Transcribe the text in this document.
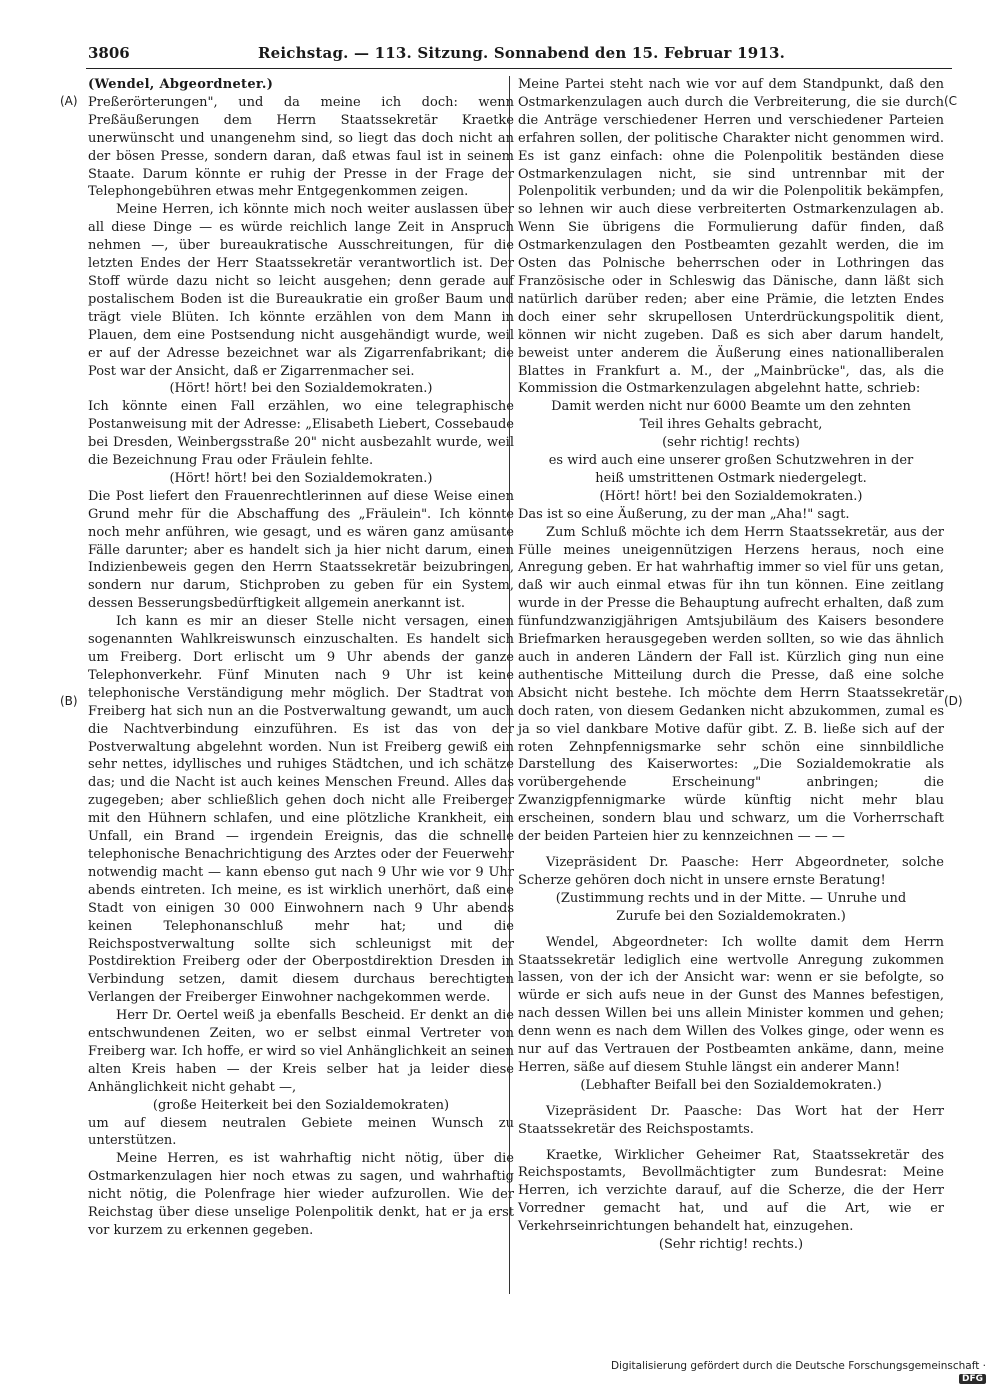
3806	Reichstag. — 113. Sitzung. Sonnabend den 15. Februar 1913.
(A)
(B)
(C
(D)

(Wendel, Abgeordneter.)

Preßerörterungen", und da meine ich doch: wenn Preßäußerungen dem Herrn Staatssekretär Kraetke unerwünscht und unangenehm sind, so liegt das doch nicht an der bösen Presse, sondern daran, daß etwas faul ist in seinem Staate. Darum könnte er ruhig der Presse in der Frage der Telephongebühren etwas mehr Entgegenkommen zeigen.

Meine Herren, ich könnte mich noch weiter auslassen über all diese Dinge — es würde reichlich lange Zeit in Anspruch nehmen —, über bureaukratische Ausschreitungen, für die letzten Endes der Herr Staatssekretär verantwortlich ist. Der Stoff würde dazu nicht so leicht ausgehen; denn gerade auf postalischem Boden ist die Bureaukratie ein großer Baum und trägt viele Blüten. Ich könnte erzählen von dem Mann in Plauen, dem eine Postsendung nicht ausgehändigt wurde, weil er auf der Adresse bezeichnet war als Zigarrenfabrikant; die Post war der Ansicht, daß er Zigarrenmacher sei.

(Hört! hört! bei den Sozialdemokraten.)

Ich könnte einen Fall erzählen, wo eine telegraphische Postanweisung mit der Adresse: „Elisabeth Liebert, Cossebaude bei Dresden, Weinbergsstraße 20" nicht ausbezahlt wurde, weil die Bezeichnung Frau oder Fräulein fehlte.

(Hört! hört! bei den Sozialdemokraten.)

Die Post liefert den Frauenrechtlerinnen auf diese Weise einen Grund mehr für die Abschaffung des „Fräulein". Ich könnte noch mehr anführen, wie gesagt, und es wären ganz amüsante Fälle darunter; aber es handelt sich ja hier nicht darum, einen Indizienbeweis gegen den Herrn Staatssekretär beizubringen, sondern nur darum, Stichproben zu geben für ein System, dessen Besserungsbedürftigkeit allgemein anerkannt ist.

Ich kann es mir an dieser Stelle nicht versagen, einen sogenannten Wahlkreiswunsch einzuschalten. Es handelt sich um Freiberg. Dort erlischt um 9 Uhr abends der ganze Telephonverkehr. Fünf Minuten nach 9 Uhr ist keine telephonische Verständigung mehr möglich. Der Stadtrat von Freiberg hat sich nun an die Postverwaltung gewandt, um auch die Nachtverbindung einzuführen. Es ist das von der Postverwaltung abgelehnt worden. Nun ist Freiberg gewiß ein sehr nettes, idyllisches und ruhiges Städtchen, und ich schätze das; und die Nacht ist auch keines Menschen Freund. Alles das zugegeben; aber schließlich gehen doch nicht alle Freiberger mit den Hühnern schlafen, und eine plötzliche Krankheit, ein Unfall, ein Brand — irgendein Ereignis, das die schnelle telephonische Benachrichtigung des Arztes oder der Feuerwehr notwendig macht — kann ebenso gut nach 9 Uhr wie vor 9 Uhr abends eintreten. Ich meine, es ist wirklich unerhört, daß eine Stadt von einigen 30 000 Einwohnern nach 9 Uhr abends keinen Telephonanschluß mehr hat; und die Reichspostverwaltung sollte sich schleunigst mit der Postdirektion Freiberg oder der Oberpostdirektion Dresden in Verbindung setzen, damit diesem durchaus berechtigten Verlangen der Freiberger Einwohner nachgekommen werde.

Herr Dr. Oertel weiß ja ebenfalls Bescheid. Er denkt an die entschwundenen Zeiten, wo er selbst einmal Vertreter von Freiberg war. Ich hoffe, er wird so viel Anhänglichkeit an seinen alten Kreis haben — der Kreis selber hat ja leider diese Anhänglichkeit nicht gehabt —,

(große Heiterkeit bei den Sozialdemokraten)

um auf diesem neutralen Gebiete meinen Wunsch zu unterstützen.

Meine Herren, es ist wahrhaftig nicht nötig, über die Ostmarkenzulagen hier noch etwas zu sagen, und wahrhaftig nicht nötig, die Polenfrage hier wieder aufzurollen. Wie der Reichstag über diese unselige Polenpolitik denkt, hat er ja erst vor kurzem zu erkennen gegeben.

Meine Partei steht nach wie vor auf dem Standpunkt, daß den Ostmarkenzulagen auch durch die Verbreiterung, die sie durch die Anträge verschiedener Herren und verschiedener Parteien erfahren sollen, der politische Charakter nicht genommen wird. Es ist ganz einfach: ohne die Polenpolitik beständen diese Ostmarkenzulagen nicht, sie sind untrennbar mit der Polenpolitik verbunden; und da wir die Polenpolitik bekämpfen, so lehnen wir auch diese verbreiterten Ostmarkenzulagen ab. Wenn Sie übrigens die Formulierung dafür finden, daß Ostmarkenzulagen den Postbeamten gezahlt werden, die im Osten das Polnische beherrschen oder in Lothringen das Französische oder in Schleswig das Dänische, dann läßt sich natürlich darüber reden; aber eine Prämie, die letzten Endes doch einer sehr skrupellosen Unterdrückungspolitik dient, können wir nicht zugeben. Daß es sich aber darum handelt, beweist unter anderem die Äußerung eines nationalliberalen Blattes in Frankfurt a. M., der „Mainbrücke", das, als die Kommission die Ostmarkenzulagen abgelehnt hatte, schrieb:

Damit werden nicht nur 6000 Beamte um den zehnten Teil ihres Gehalts gebracht,

(sehr richtig! rechts)

es wird auch eine unserer großen Schutzwehren in der heiß umstrittenen Ostmark niedergelegt.

(Hört! hört! bei den Sozialdemokraten.)

Das ist so eine Äußerung, zu der man „Aha!" sagt.

Zum Schluß möchte ich dem Herrn Staatssekretär, aus der Fülle meines uneigennützigen Herzens heraus, noch eine Anregung geben. Er hat wahrhaftig immer so viel für uns getan, daß wir auch einmal etwas für ihn tun können. Eine zeitlang wurde in der Presse die Behauptung aufrecht erhalten, daß zum fünfundzwanzigjährigen Amtsjubiläum des Kaisers besondere Briefmarken herausgegeben werden sollten, so wie das ähnlich auch in anderen Ländern der Fall ist. Kürzlich ging nun eine authentische Mitteilung durch die Presse, daß eine solche Absicht nicht bestehe. Ich möchte dem Herrn Staatssekretär doch raten, von diesem Gedanken nicht abzukommen, zumal es ja so viel dankbare Motive dafür gibt. Z. B. ließe sich auf der roten Zehnpfennigsmarke sehr schön eine sinnbildliche Darstellung des Kaiserwortes: „Die Sozialdemokratie als vorübergehende Erscheinung" anbringen; die Zwanzigpfennigmarke würde künftig nicht mehr blau erscheinen, sondern blau und schwarz, um die Vorherrschaft der beiden Parteien hier zu kennzeichnen — — —

Vizepräsident Dr. Paasche: Herr Abgeordneter, solche Scherze gehören doch nicht in unsere ernste Beratung!

(Zustimmung rechts und in der Mitte. — Unruhe und Zurufe bei den Sozialdemokraten.)

Wendel, Abgeordneter: Ich wollte damit dem Herrn Staatssekretär lediglich eine wertvolle Anregung zukommen lassen, von der ich der Ansicht war: wenn er sie befolgte, so würde er sich aufs neue in der Gunst des Mannes befestigen, nach dessen Willen bei uns allein Minister kommen und gehen; denn wenn es nach dem Willen des Volkes ginge, oder wenn es nur auf das Vertrauen der Postbeamten ankäme, dann, meine Herren, säße auf diesem Stuhle längst ein anderer Mann!

(Lebhafter Beifall bei den Sozialdemokraten.)

Vizepräsident Dr. Paasche: Das Wort hat der Herr Staatssekretär des Reichspostamts.

Kraetke, Wirklicher Geheimer Rat, Staatssekretär des Reichspostamts, Bevollmächtigter zum Bundesrat: Meine Herren, ich verzichte darauf, auf die Scherze, die der Herr Vorredner gemacht hat, und auf die Art, wie er Verkehrseinrichtungen behandelt hat, einzugehen.

(Sehr richtig! rechts.)

Digitalisierung gefördert durch die Deutsche Forschungsgemeinschaft ·DFG
